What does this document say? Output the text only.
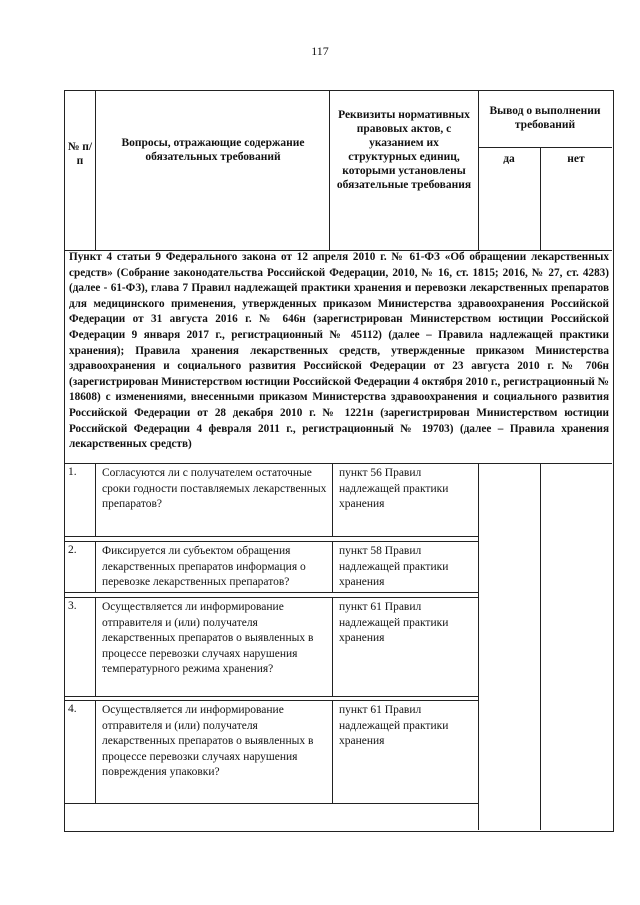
117
№ п/п
Вопросы, отражающие содержание обязательных требований
Реквизиты нормативных правовых актов, с указанием их структурных единиц, которыми установлены обязательные требования
Вывод о выполнении требований
да	нет
Пункт 4 статьи 9 Федерального закона от 12 апреля 2010 г. № 61-ФЗ «Об обращении лекарственных средств» (Собрание законодательства Российской Федерации, 2010, № 16, ст. 1815; 2016, № 27, ст. 4283) (далее - 61-ФЗ), глава 7 Правил надлежащей практики хранения и перевозки лекарственных препаратов для медицинского применения, утвержденных приказом Министерства здравоохранения Российской Федерации от 31 августа 2016 г. № 646н (зарегистрирован Министерством юстиции Российской Федерации 9 января 2017 г., регистрационный № 45112) (далее – Правила надлежащей практики хранения); Правила хранения лекарственных средств, утвержденные приказом Министерства здравоохранения и социального развития Российской Федерации от 23 августа 2010 г. № 706н (зарегистрирован Министерством юстиции Российской Федерации 4 октября 2010 г., регистрационный № 18608) с изменениями, внесенными приказом Министерства здравоохранения и социального развития Российской Федерации от 28 декабря 2010 г. № 1221н (зарегистрирован Министерством юстиции Российской Федерации 4 февраля 2011 г., регистрационный № 19703) (далее – Правила хранения лекарственных средств)
1. Согласуются ли с получателем остаточные сроки годности поставляемых лекарственных препаратов?
пункт 56 Правил надлежащей практики хранения
2. Фиксируется ли субъектом обращения лекарственных препаратов информация о перевозке лекарственных препаратов?
пункт 58 Правил надлежащей практики хранения
3. Осуществляется ли информирование отправителя и (или) получателя лекарственных препаратов о выявленных в процессе перевозки случаях нарушения температурного режима хранения?
пункт 61 Правил надлежащей практики хранения
4. Осуществляется ли информирование отправителя и (или) получателя лекарственных препаратов о выявленных в процессе перевозки случаях нарушения повреждения упаковки?
пункт 61 Правил надлежащей практики хранения
